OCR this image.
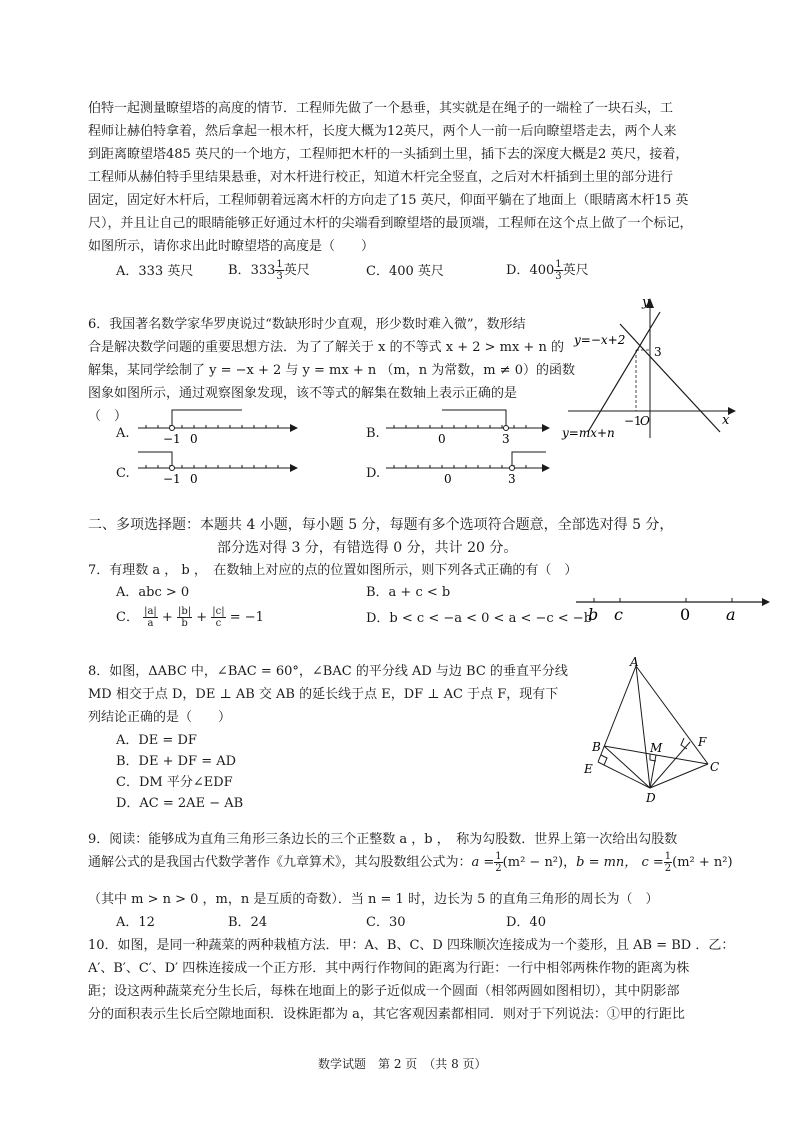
伯特一起测量瞭望塔的高度的情节．工程师先做了一个悬垂，其实就是在绳子的一端栓了一块石头，工
程师让赫伯特拿着，然后拿起一根木杆，长度大概为12英尺，两个人一前一后向瞭望塔走去，两个人来
到距离瞭望塔485 英尺的一个地方，工程师把木杆的一头插到土里，插下去的深度大概是2 英尺，接着，
工程师从赫伯特手里结果悬垂，对木杆进行校正，知道木杆完全竖直，之后对木杆插到土里的部分进行
固定，固定好木杆后，工程师朝着远离木杆的方向走了15 英尺，仰面平躺在了地面上（眼睛离木杆15 英
尺），并且让自己的眼睛能够正好通过木杆的尖端看到瞭望塔的最顶端，工程师在这个点上做了一个标记，
如图所示，请你求出此时瞭望塔的高度是（　　）
A．333 英尺	B．$333 \frac{1}{3}$ 英尺	C．400 英尺	D．$400 \frac{1}{3}$ 英尺
6．我国著名数学家华罗庚说过“数缺形时少直观，形少数时难入微”，数形结
合是解决数学问题的重要思想方法．为了了解关于 x 的不等式 x + 2 > mx + n 的
解集，某同学绘制了 y = −x + 2 与 y = mx + n （m，n 为常数，m ≠ 0）的函数
图象如图所示，通过观察图象发现，该不等式的解集在数轴上表示正确的是
（　）
y
x
O
−1
3
y=−x+2
y=mx+n
A.	−1 0	B.	0	3
C.	−1 0	D.	0	3
二、多项选择题：本题共 4 小题，每小题 5 分，每题有多个选项符合题意，全部选对得 5 分，
部分选对得 3 分，有错选得 0 分，共计 20 分。
7．有理数 a ， b ，　在数轴上对应的点的位置如图所示，则下列各式正确的有（　）
A．abc > 0	B．a + c < b
C． $\frac{|a|}{a} + \frac{|b|}{b} + \frac{|c|}{c} = -1$	D．b < c < −a < 0 < a < −c < −b
b c	0 a
8．如图，ΔABC 中，∠BAC = 60°，∠BAC 的平分线 AD 与边 BC 的垂直平分线
MD 相交于点 D，DE ⊥ AB 交 AB 的延长线于点 E，DF ⊥ AC 于点 F，现有下
列结论正确的是（　　）
A．DE = DF
B．DE + DF = AD
C．DM 平分∠EDF
D．AC = 2AE − AB
A
B
E
M	F
C
D
9．阅读：能够成为直角三角形三条边长的三个正整数 a ，b ，　称为勾股数．世界上第一次给出勾股数
通解公式的是我国古代数学著作《九章算术》，其勾股数组公式为：$a = \frac{1}{2} (m^2 - n^2)$，b = mn， $c = \frac{1}{2} (m^2 + n^2)$
（其中 m > n > 0 ，m，n 是互质的奇数）．当 n = 1 时，边长为 5 的直角三角形的周长为（　）
A．12	B．24	C．30	D．40
10．如图，是同一种蔬菜的两种栽植方法．甲：A、B、C、D 四珠顺次连接成为一个菱形，且 AB = BD ．乙：
A′、B′、C′、D′ 四株连接成一个正方形．其中两行作物间的距离为行距：一行中相邻两株作物的距离为株
距；设这两种蔬菜充分生长后，每株在地面上的影子近似成一个圆面（相邻两圆如图相切），其中阴影部
分的面积表示生长后空隙地面积．设株距都为 a，其它客观因素都相同．则对于下列说法：①甲的行距比
数学试题　第 2 页　（共 8 页）
